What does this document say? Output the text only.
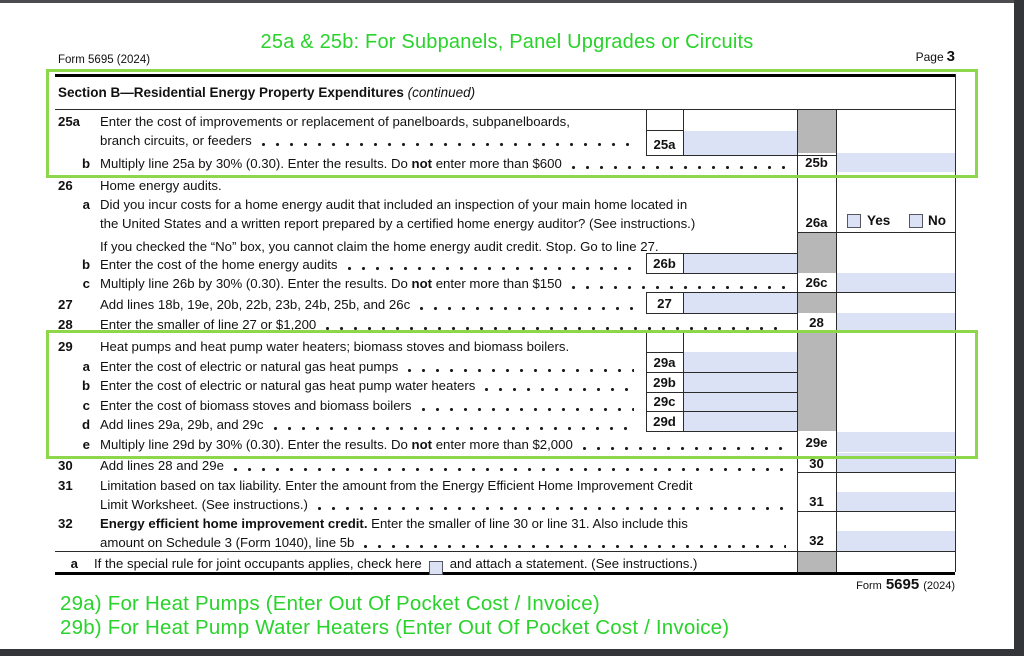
25a & 25b: For Subpanels, Panel Upgrades or Circuits
Form 5695 (2024)	Page 3
Section B—Residential Energy Property Expenditures (continued)
25a	Enter the cost of improvements or replacement of panelboards, subpanelboards,
branch circuits, or feeders	25a
b Multiply line 25a by 30% (0.30). Enter the results. Do not enter more than $600	25b
26	Home energy audits.
a Did you incur costs for a home energy audit that included an inspection of your main home located in
the United States and a written report prepared by a certified home energy auditor? (See instructions.)	26a	Yes	No
If you checked the “No” box, you cannot claim the home energy audit credit. Stop. Go to line 27.
b Enter the cost of the home energy audits	26b
c Multiply line 26b by 30% (0.30). Enter the results. Do not enter more than $150	26c
27	Add lines 18b, 19e, 20b, 22b, 23b, 24b, 25b, and 26c	27
28	Enter the smaller of line 27 or $1,200	28
29	Heat pumps and heat pump water heaters; biomass stoves and biomass boilers.
a Enter the cost of electric or natural gas heat pumps	29a
b Enter the cost of electric or natural gas heat pump water heaters	29b
c Enter the cost of biomass stoves and biomass boilers	29c
d Add lines 29a, 29b, and 29c	29d
e Multiply line 29d by 30% (0.30). Enter the results. Do not enter more than $2,000	29e
30	Add lines 28 and 29e	30
31	Limitation based on tax liability. Enter the amount from the Energy Efficient Home Improvement Credit
Limit Worksheet. (See instructions.)	31
32	Energy efficient home improvement credit. Enter the smaller of line 30 or line 31. Also include this
amount on Schedule 3 (Form 1040), line 5b	32
a If the special rule for joint occupants applies, check here and attach a statement. (See instructions.)
Form 5695 (2024)
29a) For Heat Pumps (Enter Out Of Pocket Cost / Invoice)
29b) For Heat Pump Water Heaters (Enter Out Of Pocket Cost / Invoice)
